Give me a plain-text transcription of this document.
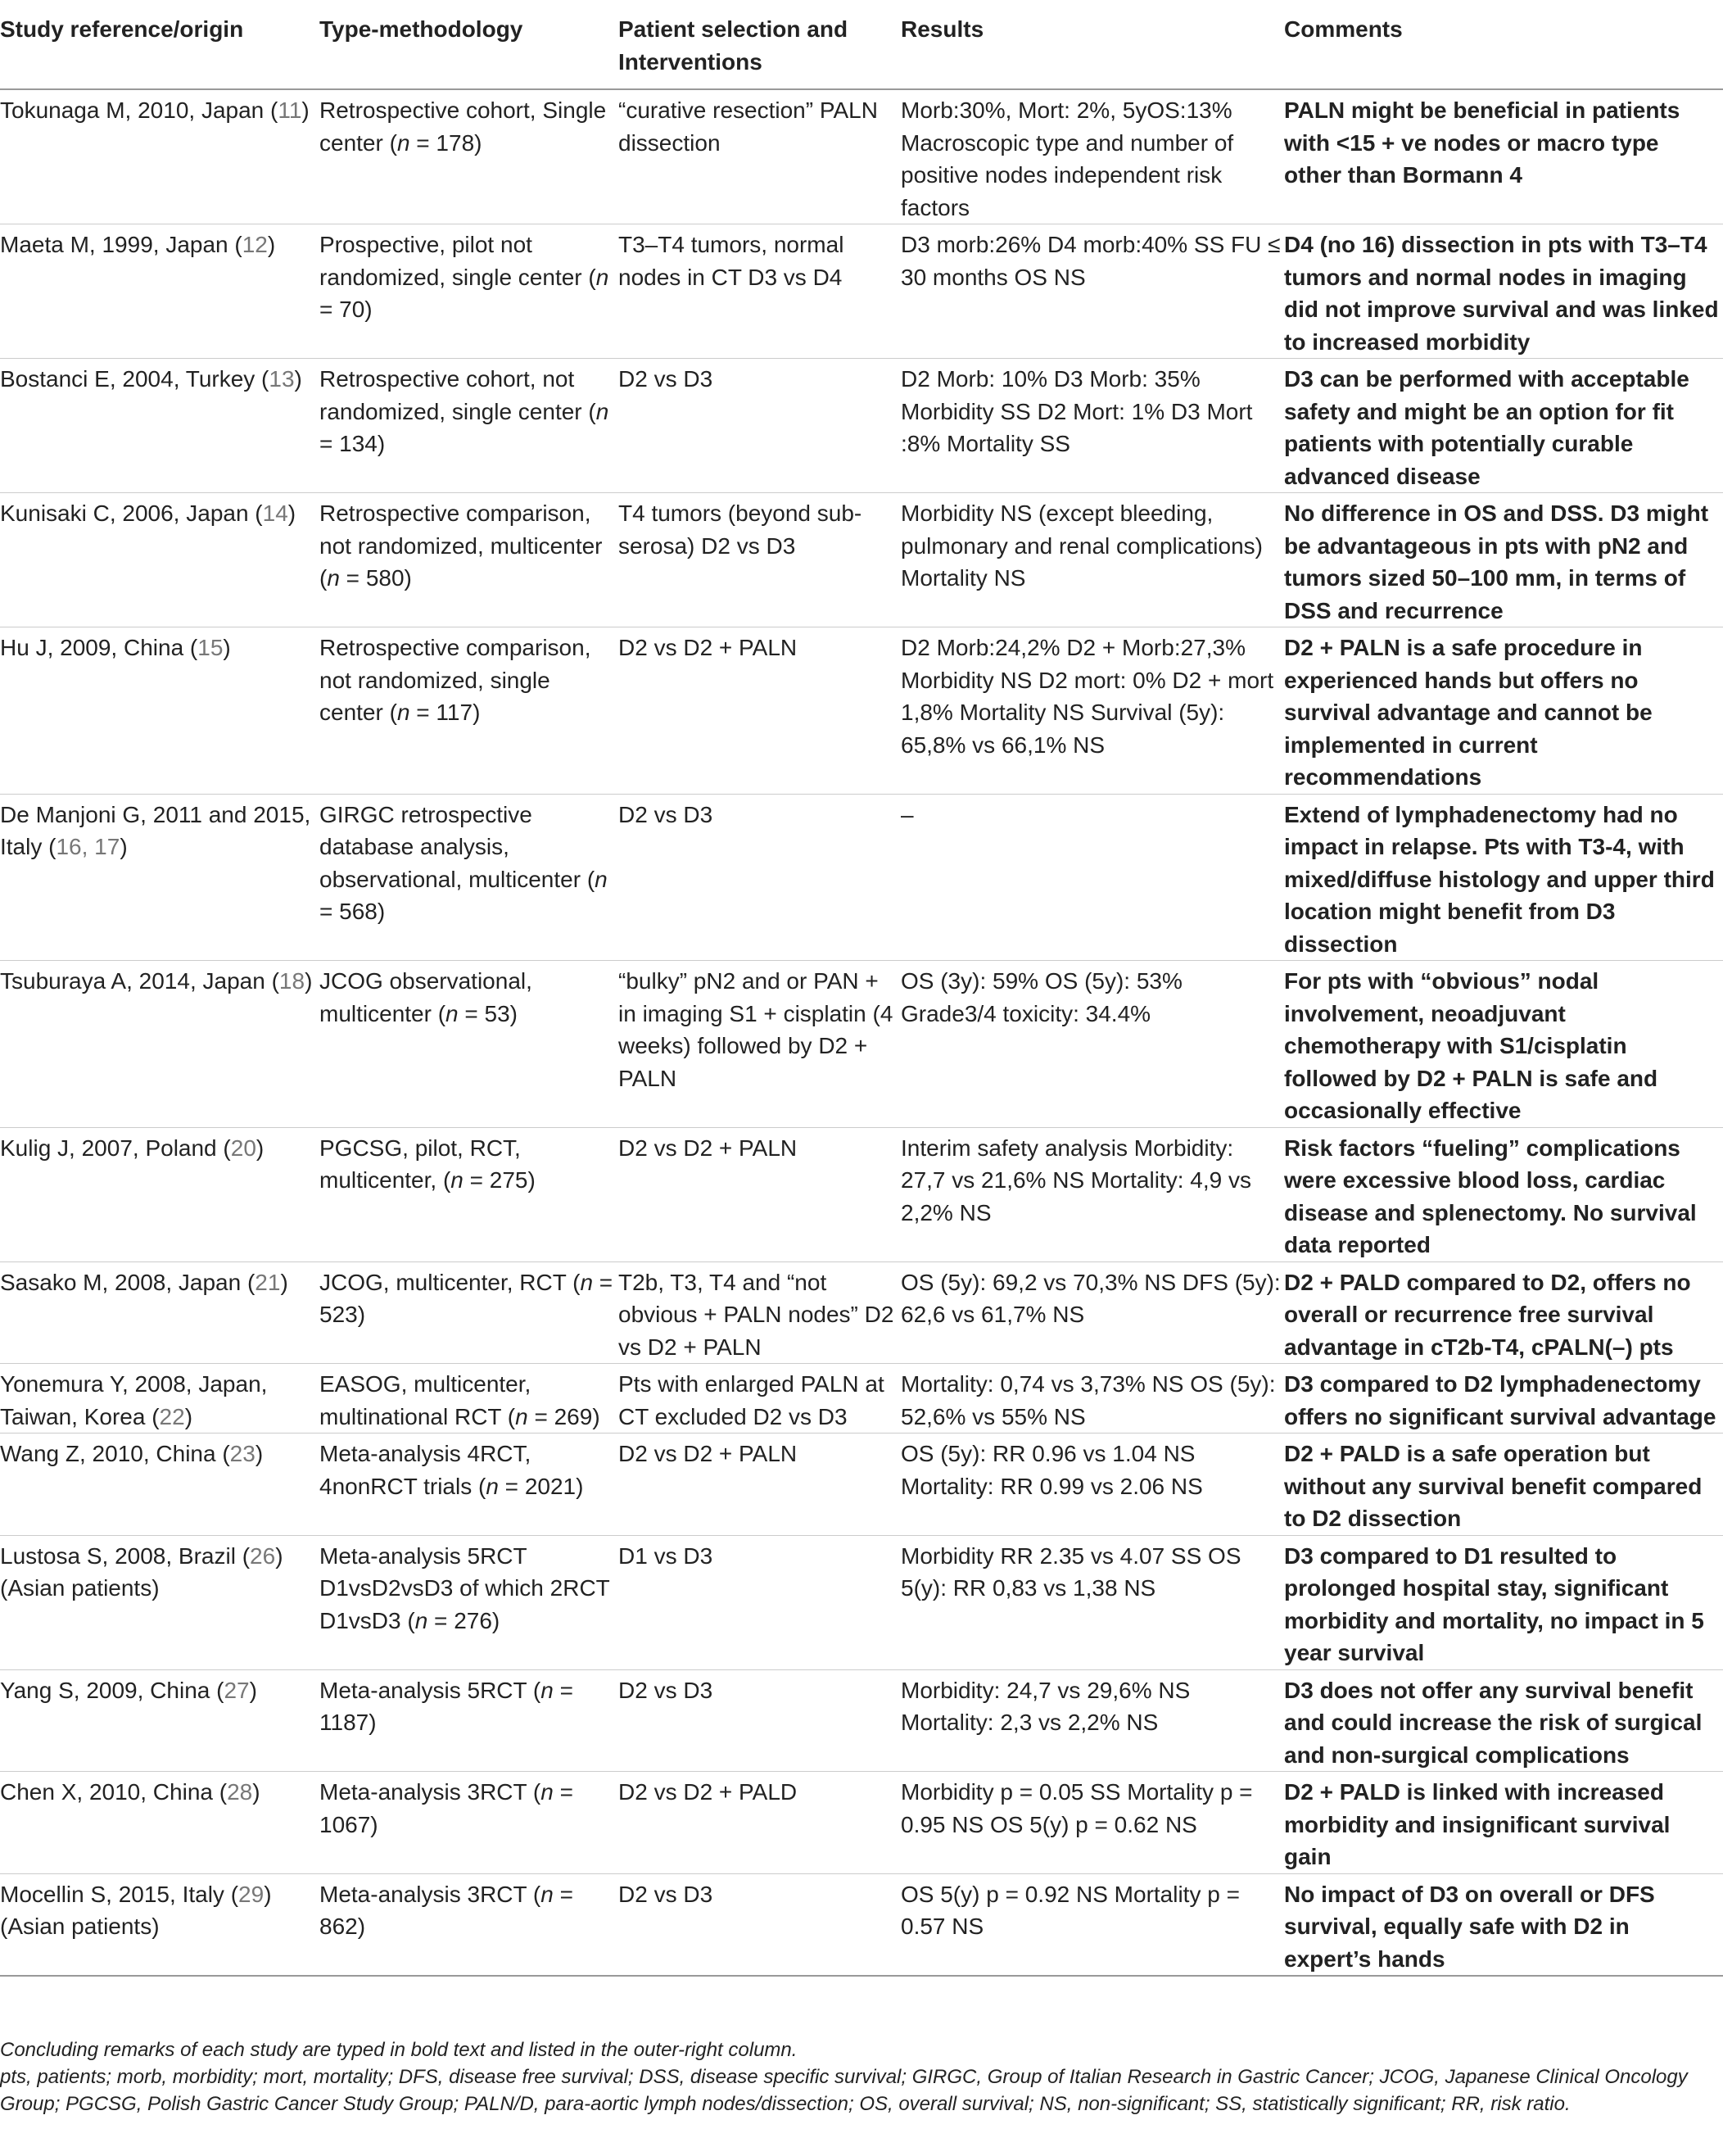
Study reference/origin	Type-methodology	Patient selection and Interventions	Results	Comments
Tokunaga M, 2010, Japan (11)	Retrospective cohort, Single center (n = 178)	“curative resection” PALN dissection	Morb:30%, Mort: 2%, 5yOS:13% Macroscopic type and number of positive nodes independent risk factors	PALN might be beneficial in patients with <15 + ve nodes or macro type other than Bormann 4
Maeta M, 1999, Japan (12)	Prospective, pilot not randomized, single center (n = 70)	T3–T4 tumors, normal nodes in CT D3 vs D4	D3 morb:26% D4 morb:40% SS FU ≤ 30 months OS NS	D4 (no 16) dissection in pts with T3–T4 tumors and normal nodes in imaging did not improve survival and was linked to increased morbidity
Bostanci E, 2004, Turkey (13)	Retrospective cohort, not randomized, single center (n = 134)	D2 vs D3	D2 Morb: 10% D3 Morb: 35% Morbidity SS D2 Mort: 1% D3 Mort :8% Mortality SS	D3 can be performed with acceptable safety and might be an option for fit patients with potentially curable advanced disease
Kunisaki C, 2006, Japan (14)	Retrospective comparison, not randomized, multicenter (n = 580)	T4 tumors (beyond sub-serosa) D2 vs D3	Morbidity NS (except bleeding, pulmonary and renal complications) Mortality NS	No difference in OS and DSS. D3 might be advantageous in pts with pN2 and tumors sized 50–100 mm, in terms of DSS and recurrence
Hu J, 2009, China (15)	Retrospective comparison, not randomized, single center (n = 117)	D2 vs D2 + PALN	D2 Morb:24,2% D2 + Morb:27,3% Morbidity NS D2 mort: 0% D2 + mort 1,8% Mortality NS Survival (5y): 65,8% vs 66,1% NS	D2 + PALN is a safe procedure in experienced hands but offers no survival advantage and cannot be implemented in current recommendations
De Manjoni G, 2011 and 2015, Italy (16, 17)	GIRGC retrospective database analysis, observational, multicenter (n = 568)	D2 vs D3	–	Extend of lymphadenectomy had no impact in relapse. Pts with T3-4, with mixed/diffuse histology and upper third location might benefit from D3 dissection
Tsuburaya A, 2014, Japan (18)	JCOG observational, multicenter (n = 53)	“bulky” pN2 and or PAN + in imaging S1 + cisplatin (4 weeks) followed by D2 + PALN	OS (3y): 59% OS (5y): 53% Grade3/4 toxicity: 34.4%	For pts with “obvious” nodal involvement, neoadjuvant chemotherapy with S1/cisplatin followed by D2 + PALN is safe and occasionally effective
Kulig J, 2007, Poland (20)	PGCSG, pilot, RCT, multicenter, (n = 275)	D2 vs D2 + PALN	Interim safety analysis Morbidity: 27,7 vs 21,6% NS Mortality: 4,9 vs 2,2% NS	Risk factors “fueling” complications were excessive blood loss, cardiac disease and splenectomy. No survival data reported
Sasako M, 2008, Japan (21)	JCOG, multicenter, RCT (n = 523)	T2b, T3, T4 and “not obvious + PALN nodes” D2 vs D2 + PALN	OS (5y): 69,2 vs 70,3% NS DFS (5y): 62,6 vs 61,7% NS	D2 + PALD compared to D2, offers no overall or recurrence free survival advantage in cT2b-T4, cPALN(–) pts
Yonemura Y, 2008, Japan, Taiwan, Korea (22)	EASOG, multicenter, multinational RCT (n = 269)	Pts with enlarged PALN at CT excluded D2 vs D3	Mortality: 0,74 vs 3,73% NS OS (5y): 52,6% vs 55% NS	D3 compared to D2 lymphadenectomy offers no significant survival advantage
Wang Z, 2010, China (23)	Meta-analysis 4RCT, 4nonRCT trials (n = 2021)	D2 vs D2 + PALN	OS (5y): RR 0.96 vs 1.04 NS Mortality: RR 0.99 vs 2.06 NS	D2 + PALD is a safe operation but without any survival benefit compared to D2 dissection
Lustosa S, 2008, Brazil (26) (Asian patients)	Meta-analysis 5RCT D1vsD2vsD3 of which 2RCT D1vsD3 (n = 276)	D1 vs D3	Morbidity RR 2.35 vs 4.07 SS OS 5(y): RR 0,83 vs 1,38 NS	D3 compared to D1 resulted to prolonged hospital stay, significant morbidity and mortality, no impact in 5 year survival
Yang S, 2009, China (27)	Meta-analysis 5RCT (n = 1187)	D2 vs D3	Morbidity: 24,7 vs 29,6% NS Mortality: 2,3 vs 2,2% NS	D3 does not offer any survival benefit and could increase the risk of surgical and non-surgical complications
Chen X, 2010, China (28)	Meta-analysis 3RCT (n = 1067)	D2 vs D2 + PALD	Morbidity p = 0.05 SS Mortality p = 0.95 NS OS 5(y) p = 0.62 NS	D2 + PALD is linked with increased morbidity and insignificant survival gain
Mocellin S, 2015, Italy (29) (Asian patients)	Meta-analysis 3RCT (n = 862)	D2 vs D3	OS 5(y) p = 0.92 NS Mortality p = 0.57 NS	No impact of D3 on overall or DFS survival, equally safe with D2 in expert’s hands

Concluding remarks of each study are typed in bold text and listed in the outer-right column.

pts, patients; morb, morbidity; mort, mortality; DFS, disease free survival; DSS, disease specific survival; GIRGC, Group of Italian Research in Gastric Cancer; JCOG, Japanese Clinical Oncology Group; PGCSG, Polish Gastric Cancer Study Group; PALN/D, para-aortic lymph nodes/dissection; OS, overall survival; NS, non-significant; SS, statistically significant; RR, risk ratio.
